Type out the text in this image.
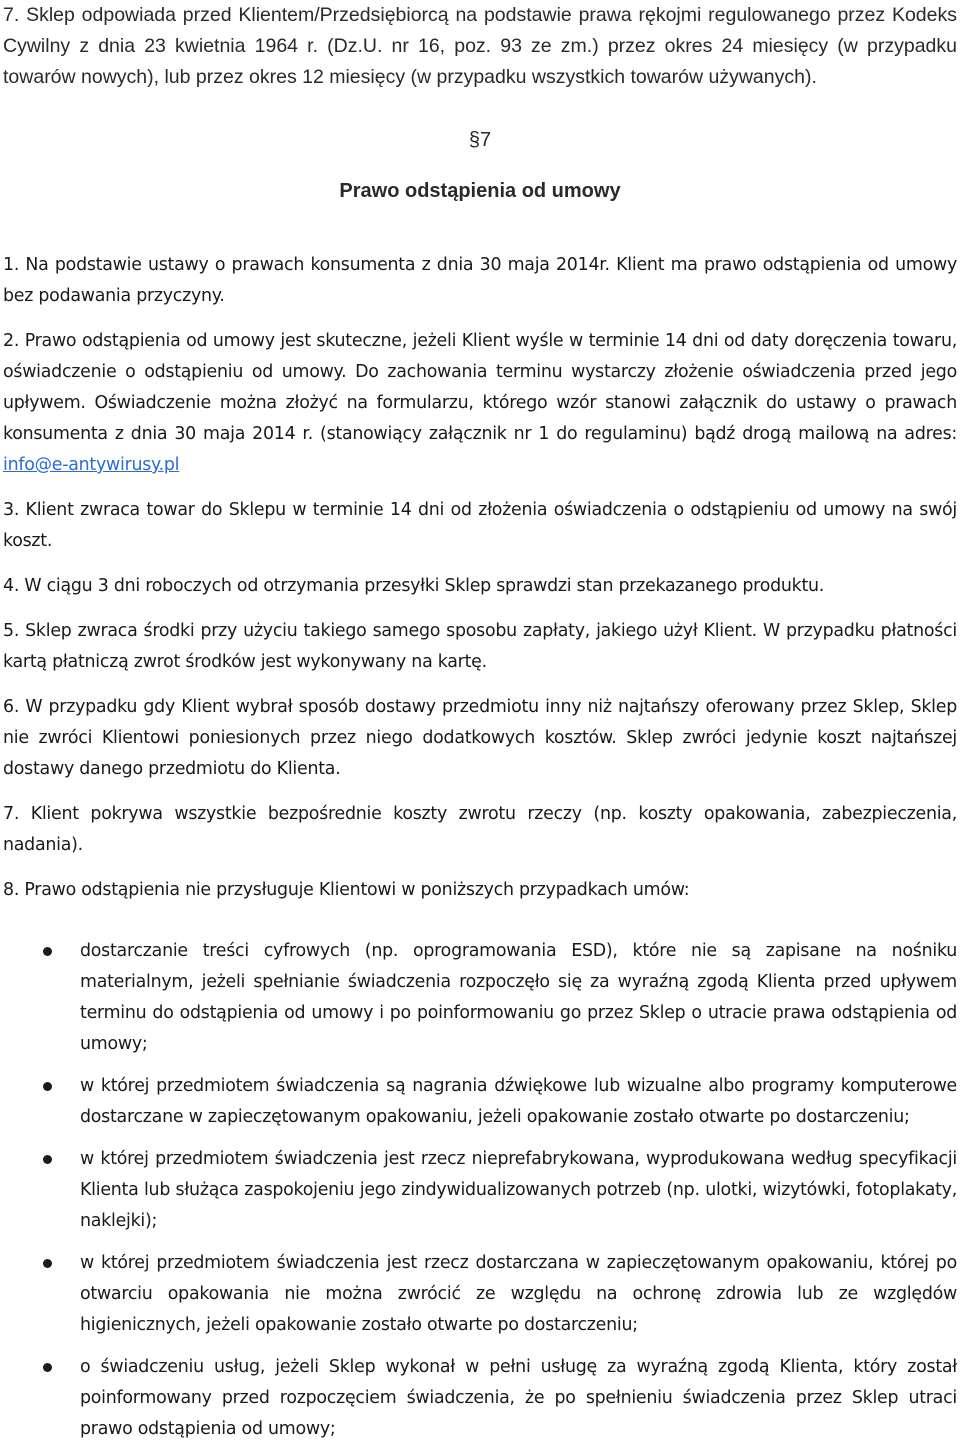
7. Sklep odpowiada przed Klientem/Przedsiębiorcą na podstawie prawa rękojmi regulowanego przez Kodeks Cywilny z dnia 23 kwietnia 1964 r. (Dz.U. nr 16, poz. 93 ze zm.) przez okres 24 miesięcy (w przypadku towarów nowych), lub przez okres 12 miesięcy (w przypadku wszystkich towarów używanych).

§7
Prawo odstąpienia od umowy

1. Na podstawie ustawy o prawach konsumenta z dnia 30 maja 2014r. Klient ma prawo odstąpienia od umowy bez podawania przyczyny.

2. Prawo odstąpienia od umowy jest skuteczne, jeżeli Klient wyśle w terminie 14 dni od daty doręczenia towaru, oświadczenie o odstąpieniu od umowy. Do zachowania terminu wystarczy złożenie oświadczenia przed jego upływem. Oświadczenie można złożyć na formularzu, którego wzór stanowi załącznik do ustawy o prawach konsumenta z dnia 30 maja 2014 r. (stanowiący załącznik nr 1 do regulaminu) bądź drogą mailową na adres: info@e-antywirusy.pl

3. Klient zwraca towar do Sklepu w terminie 14 dni od złożenia oświadczenia o odstąpieniu od umowy na swój koszt.

4. W ciągu 3 dni roboczych od otrzymania przesyłki Sklep sprawdzi stan przekazanego produktu.

5. Sklep zwraca środki przy użyciu takiego samego sposobu zapłaty, jakiego użył Klient. W przypadku płatności kartą płatniczą zwrot środków jest wykonywany na kartę.

6. W przypadku gdy Klient wybrał sposób dostawy przedmiotu inny niż najtańszy oferowany przez Sklep, Sklep nie zwróci Klientowi poniesionych przez niego dodatkowych kosztów. Sklep zwróci jedynie koszt najtańszej dostawy danego przedmiotu do Klienta.

7. Klient pokrywa wszystkie bezpośrednie koszty zwrotu rzeczy (np. koszty opakowania, zabezpieczenia, nadania).

8. Prawo odstąpienia nie przysługuje Klientowi w poniższych przypadkach umów:

dostarczanie treści cyfrowych (np. oprogramowania ESD), które nie są zapisane na nośniku materialnym, jeżeli spełnianie świadczenia rozpoczęło się za wyraźną zgodą Klienta przed upływem terminu do odstąpienia od umowy i po poinformowaniu go przez Sklep o utracie prawa odstąpienia od umowy;
w której przedmiotem świadczenia są nagrania dźwiękowe lub wizualne albo programy komputerowe dostarczane w zapieczętowanym opakowaniu, jeżeli opakowanie zostało otwarte po dostarczeniu;
w której przedmiotem świadczenia jest rzecz nieprefabrykowana, wyprodukowana według specyfikacji Klienta lub służąca zaspokojeniu jego zindywidualizowanych potrzeb (np. ulotki, wizytówki, fotoplakaty, naklejki);
w której przedmiotem świadczenia jest rzecz dostarczana w zapieczętowanym opakowaniu, której po otwarciu opakowania nie można zwrócić ze względu na ochronę zdrowia lub ze względów higienicznych, jeżeli opakowanie zostało otwarte po dostarczeniu;
o świadczeniu usług, jeżeli Sklep wykonał w pełni usługę za wyraźną zgodą Klienta, który został poinformowany przed rozpoczęciem świadczenia, że po spełnieniu świadczenia przez Sklep utraci prawo odstąpienia od umowy;
